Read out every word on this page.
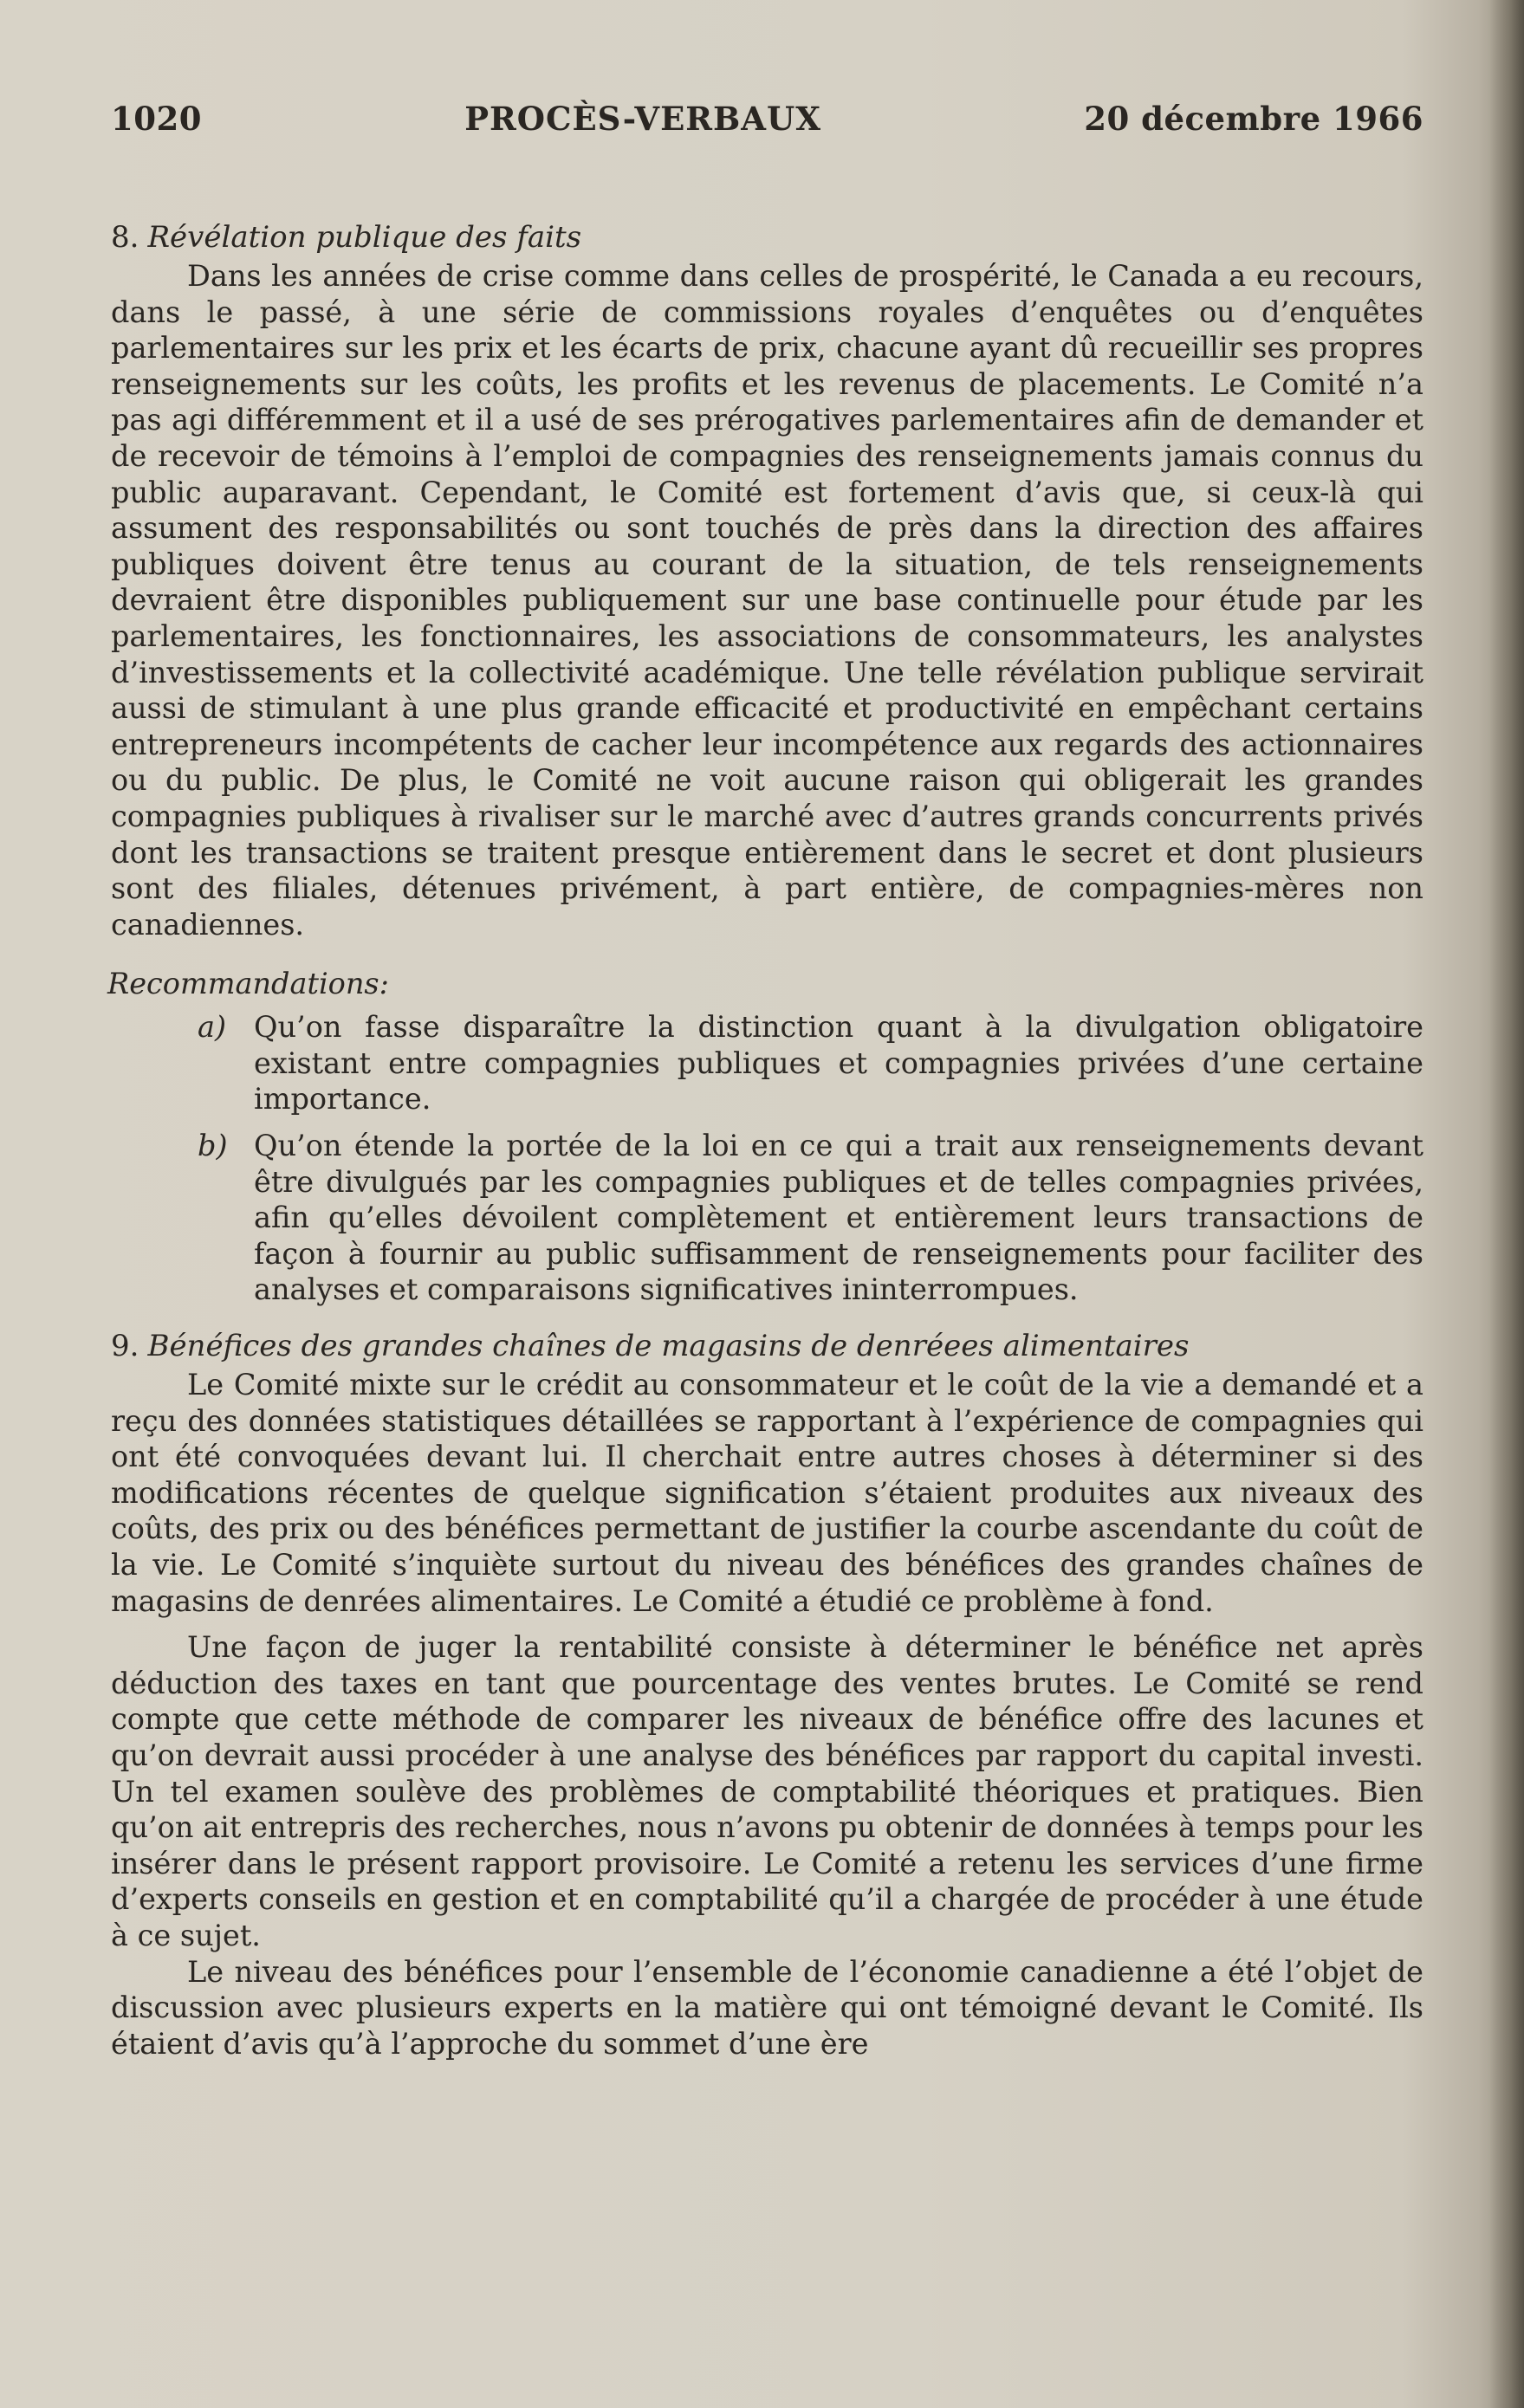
1020	PROCÈS-VERBAUX	20 décembre 1966
8. Révélation publique des faits

Dans les années de crise comme dans celles de prospérité, le Canada a eu recours, dans le passé, à une série de commissions royales d’enquêtes ou d’enquêtes parlementaires sur les prix et les écarts de prix, chacune ayant dû recueillir ses propres renseignements sur les coûts, les profits et les revenus de placements. Le Comité n’a pas agi différemment et il a usé de ses prérogatives parlementaires afin de demander et de recevoir de témoins à l’emploi de compagnies des renseignements jamais connus du public auparavant. Cependant, le Comité est fortement d’avis que, si ceux-là qui assument des responsabilités ou sont touchés de près dans la direction des affaires publiques doivent être tenus au courant de la situation, de tels renseignements devraient être disponibles publiquement sur une base continuelle pour étude par les parlementaires, les fonctionnaires, les associations de consommateurs, les analystes d’investissements et la collectivité académique. Une telle révélation publique servirait aussi de stimulant à une plus grande efficacité et productivité en empêchant certains entrepreneurs incompétents de cacher leur incompétence aux regards des actionnaires ou du public. De plus, le Comité ne voit aucune raison qui obligerait les grandes compagnies publiques à rivaliser sur le marché avec d’autres grands concurrents privés dont les transactions se traitent presque entièrement dans le secret et dont plusieurs sont des filiales, détenues privément, à part entière, de compagnies-mères non canadiennes.

Recommandations:
a) Qu’on fasse disparaître la distinction quant à la divulgation obligatoire existant entre compagnies publiques et compagnies privées d’une certaine importance.

b) Qu’on étende la portée de la loi en ce qui a trait aux renseignements devant être divulgués par les compagnies publiques et de telles compagnies privées, afin qu’elles dévoilent complètement et entièrement leurs transactions de façon à fournir au public suffisamment de renseignements pour faciliter des analyses et comparaisons significatives ininterrompues.

9. Bénéfices des grandes chaînes de magasins de denréees alimentaires

Le Comité mixte sur le crédit au consommateur et le coût de la vie a demandé et a reçu des données statistiques détaillées se rapportant à l’expérience de compagnies qui ont été convoquées devant lui. Il cherchait entre autres choses à déterminer si des modifications récentes de quelque signification s’étaient produites aux niveaux des coûts, des prix ou des bénéfices permettant de justifier la courbe ascendante du coût de la vie. Le Comité s’inquiète surtout du niveau des bénéfices des grandes chaînes de magasins de denrées alimentaires. Le Comité a étudié ce problème à fond.

Une façon de juger la rentabilité consiste à déterminer le bénéfice net après déduction des taxes en tant que pourcentage des ventes brutes. Le Comité se rend compte que cette méthode de comparer les niveaux de bénéfice offre des lacunes et qu’on devrait aussi procéder à une analyse des bénéfices par rapport du capital investi. Un tel examen soulève des problèmes de comptabilité théoriques et pratiques. Bien qu’on ait entrepris des recherches, nous n’avons pu obtenir de données à temps pour les insérer dans le présent rapport provisoire. Le Comité a retenu les services d’une firme d’experts conseils en gestion et en comptabilité qu’il a chargée de procéder à une étude à ce sujet.

Le niveau des bénéfices pour l’ensemble de l’économie canadienne a été l’objet de discussion avec plusieurs experts en la matière qui ont témoigné devant le Comité. Ils étaient d’avis qu’à l’approche du sommet d’une ère
